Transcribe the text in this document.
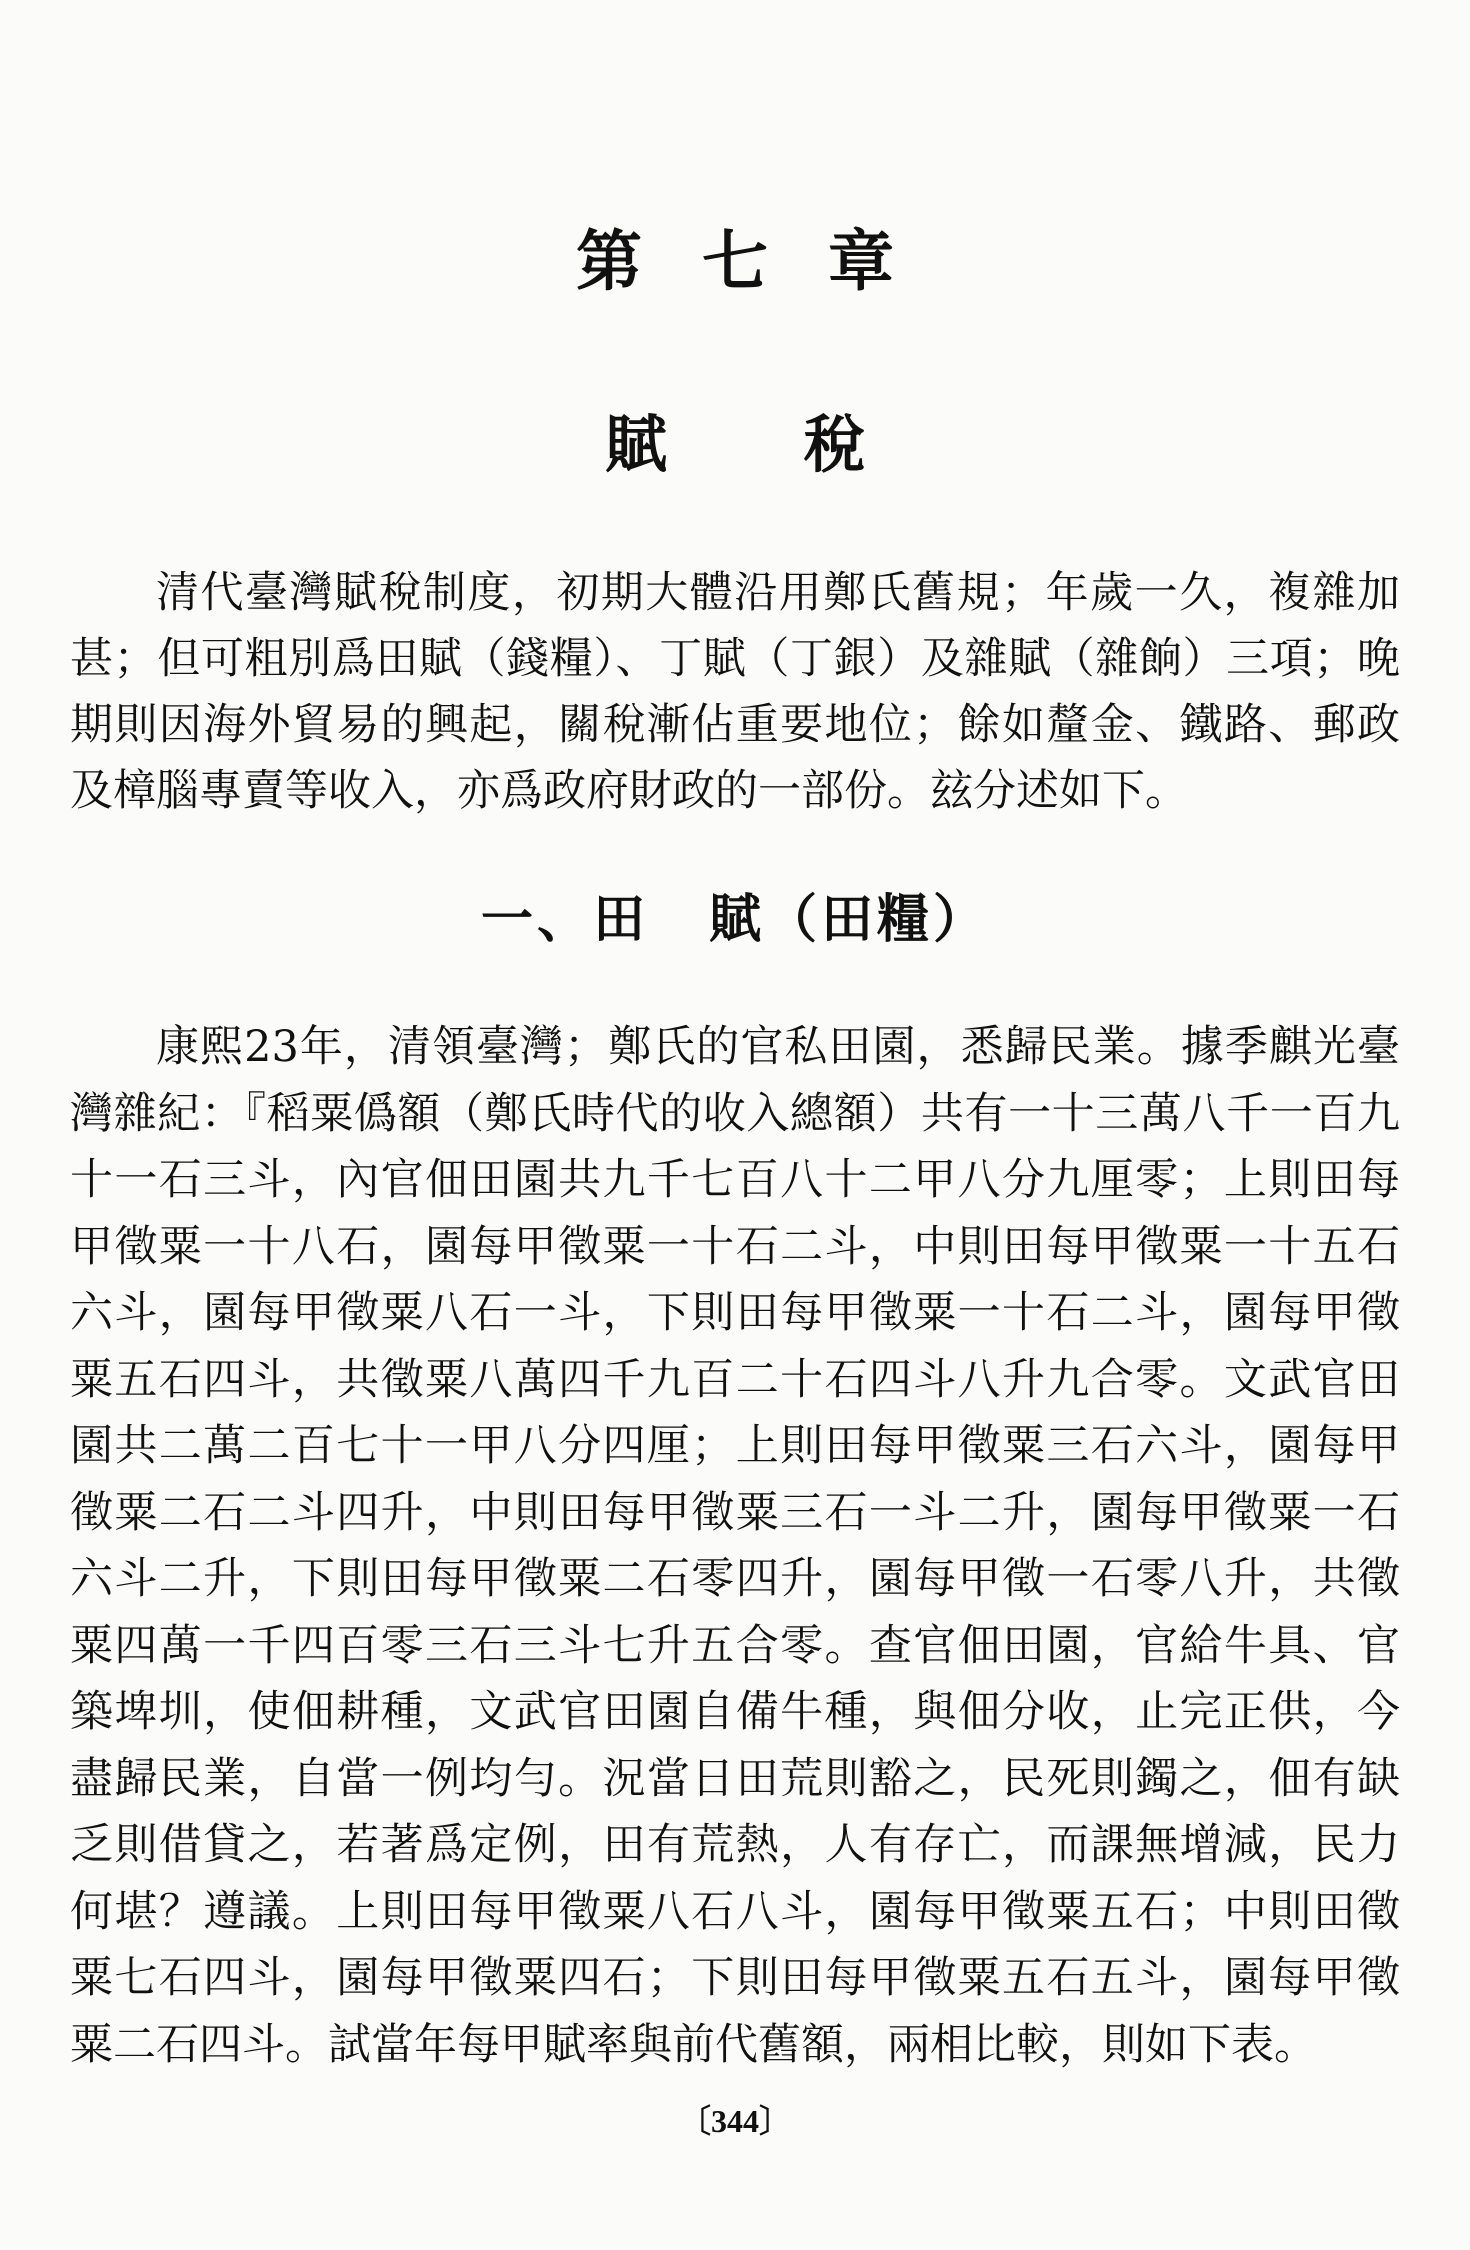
第七章
賦稅

清代臺灣賦稅制度，初期大體沿用鄭氏舊規；年歲一久，複雜加甚；但可粗別爲田賦（錢糧）、丁賦（丁銀）及雜賦（雜餉）三項；晚期則因海外貿易的興起，關稅漸佔重要地位；餘如釐金、鐵路、郵政及樟腦專賣等收入，亦爲政府財政的一部份。玆分述如下。

一、田 賦（田糧）

康熙23年，清領臺灣；鄭氏的官私田園，悉歸民業。據季麒光臺灣雜紀：『稻粟僞額（鄭氏時代的收入總額）共有一十三萬八千一百九十一石三斗，內官佃田園共九千七百八十二甲八分九厘零；上則田每甲徵粟一十八石，園每甲徵粟一十石二斗，中則田每甲徵粟一十五石六斗，園每甲徵粟八石一斗，下則田每甲徵粟一十石二斗，園每甲徵粟五石四斗，共徵粟八萬四千九百二十石四斗八升九合零。文武官田園共二萬二百七十一甲八分四厘；上則田每甲徵粟三石六斗，園每甲徵粟二石二斗四升，中則田每甲徵粟三石一斗二升，園每甲徵粟一石六斗二升，下則田每甲徵粟二石零四升，園每甲徵一石零八升，共徵粟四萬一千四百零三石三斗七升五合零。查官佃田園，官給牛具、官築埤圳，使佃耕種，文武官田園自備牛種，與佃分收，止完正供，今盡歸民業，自當一例均勻。況當日田荒則豁之，民死則鐲之，佃有缺乏則借貸之，若著爲定例，田有荒熱，人有存亡，而課無增減，民力何堪？遵議。上則田每甲徵粟八石八斗，園每甲徵粟五石；中則田徵粟七石四斗，園每甲徵粟四石；下則田每甲徵粟五石五斗，園每甲徵粟二石四斗。試當年每甲賦率與前代舊額，兩相比較，則如下表。

〔344〕
